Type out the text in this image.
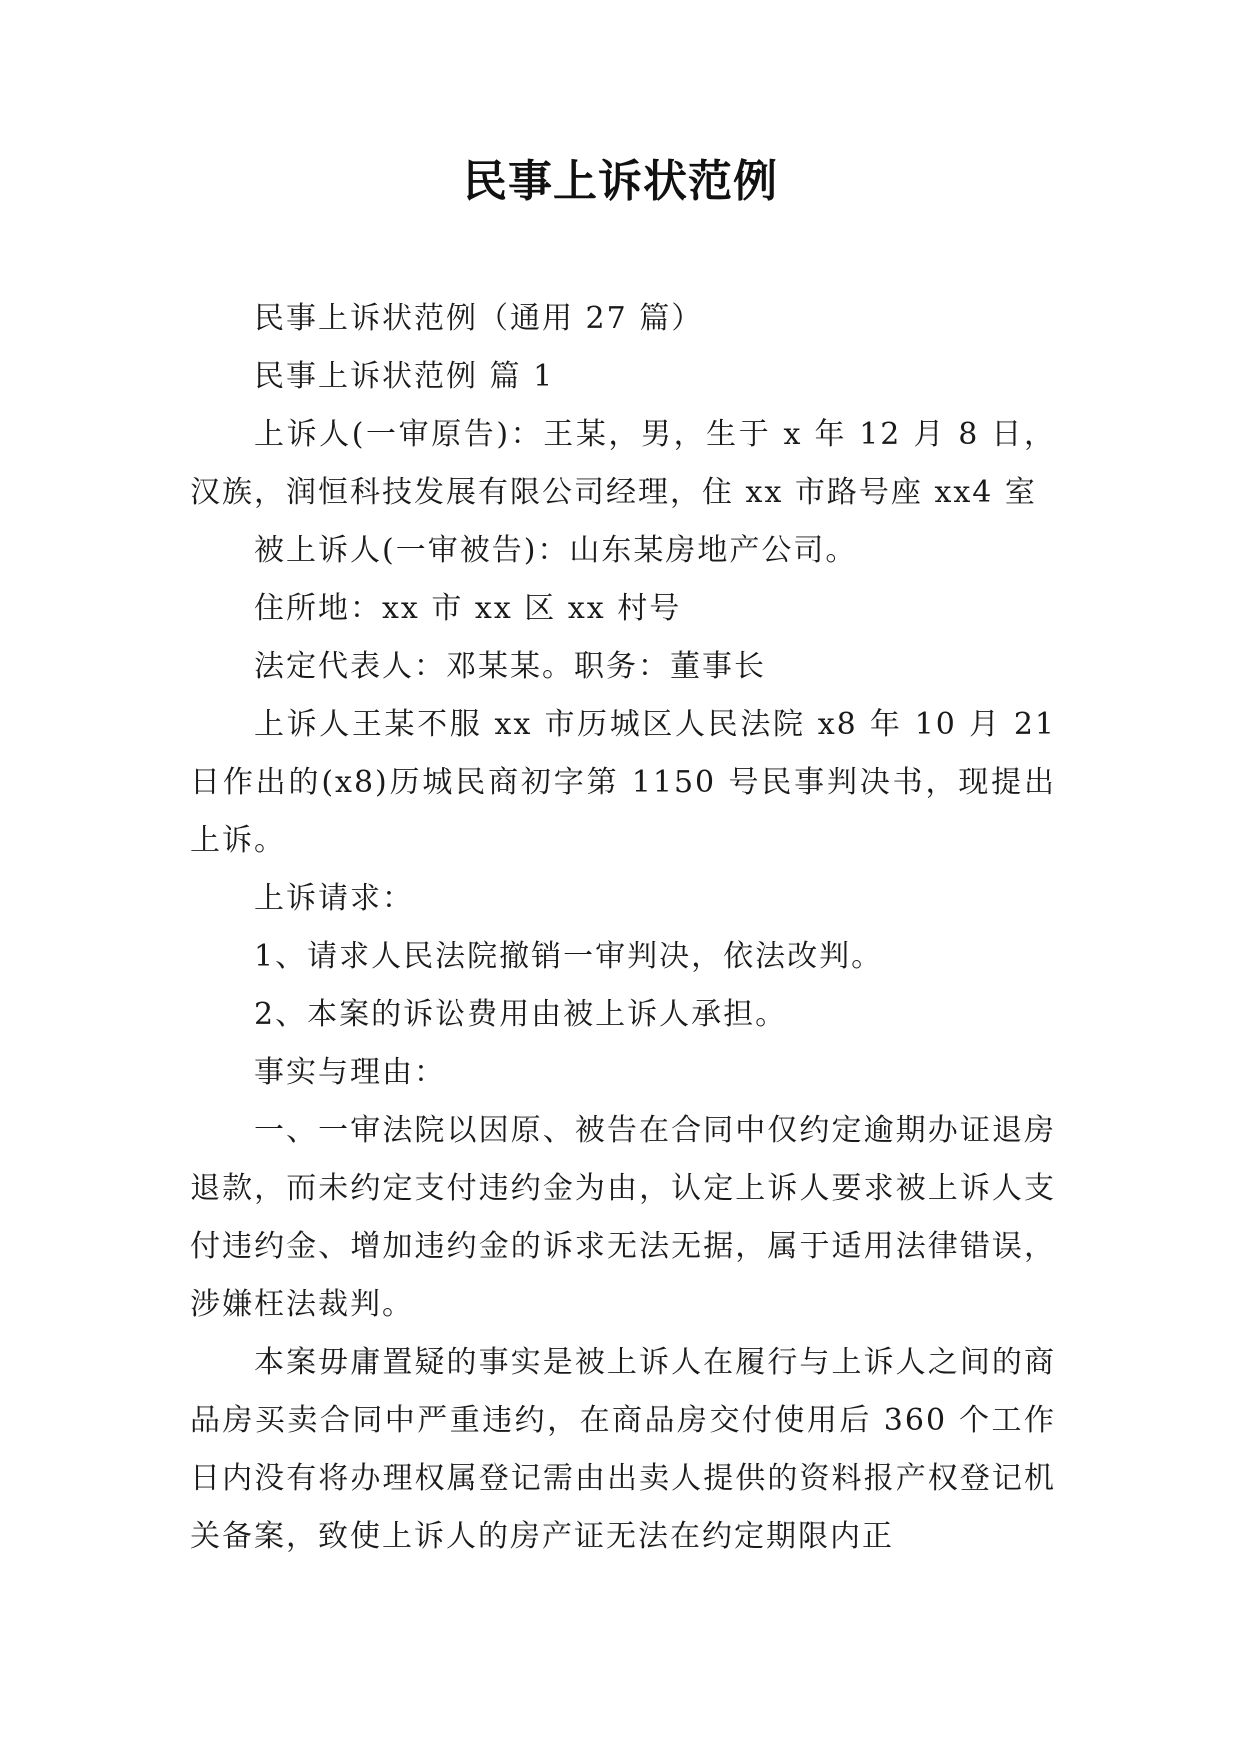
民事上诉状范例

民事上诉状范例（通用 27 篇）

民事上诉状范例 篇 1

上诉人(一审原告)：王某，男，生于 x 年 12 月 8 日，汉族，润恒科技发展有限公司经理，住 xx 市路号座 xx4 室

被上诉人(一审被告)：山东某房地产公司。

住所地：xx 市 xx 区 xx 村号

法定代表人：邓某某。职务：董事长

上诉人王某不服 xx 市历城区人民法院 x8 年 10 月 21 日作出的(x8)历城民商初字第 1150 号民事判决书，现提出上诉。

上诉请求：

1、请求人民法院撤销一审判决，依法改判。

2、本案的诉讼费用由被上诉人承担。

事实与理由：

一、一审法院以因原、被告在合同中仅约定逾期办证退房退款，而未约定支付违约金为由，认定上诉人要求被上诉人支付违约金、增加违约金的诉求无法无据，属于适用法律错误，涉嫌枉法裁判。

本案毋庸置疑的事实是被上诉人在履行与上诉人之间的商品房买卖合同中严重违约，在商品房交付使用后 360 个工作日内没有将办理权属登记需由出卖人提供的资料报产权登记机关备案，致使上诉人的房产证无法在约定期限内正
